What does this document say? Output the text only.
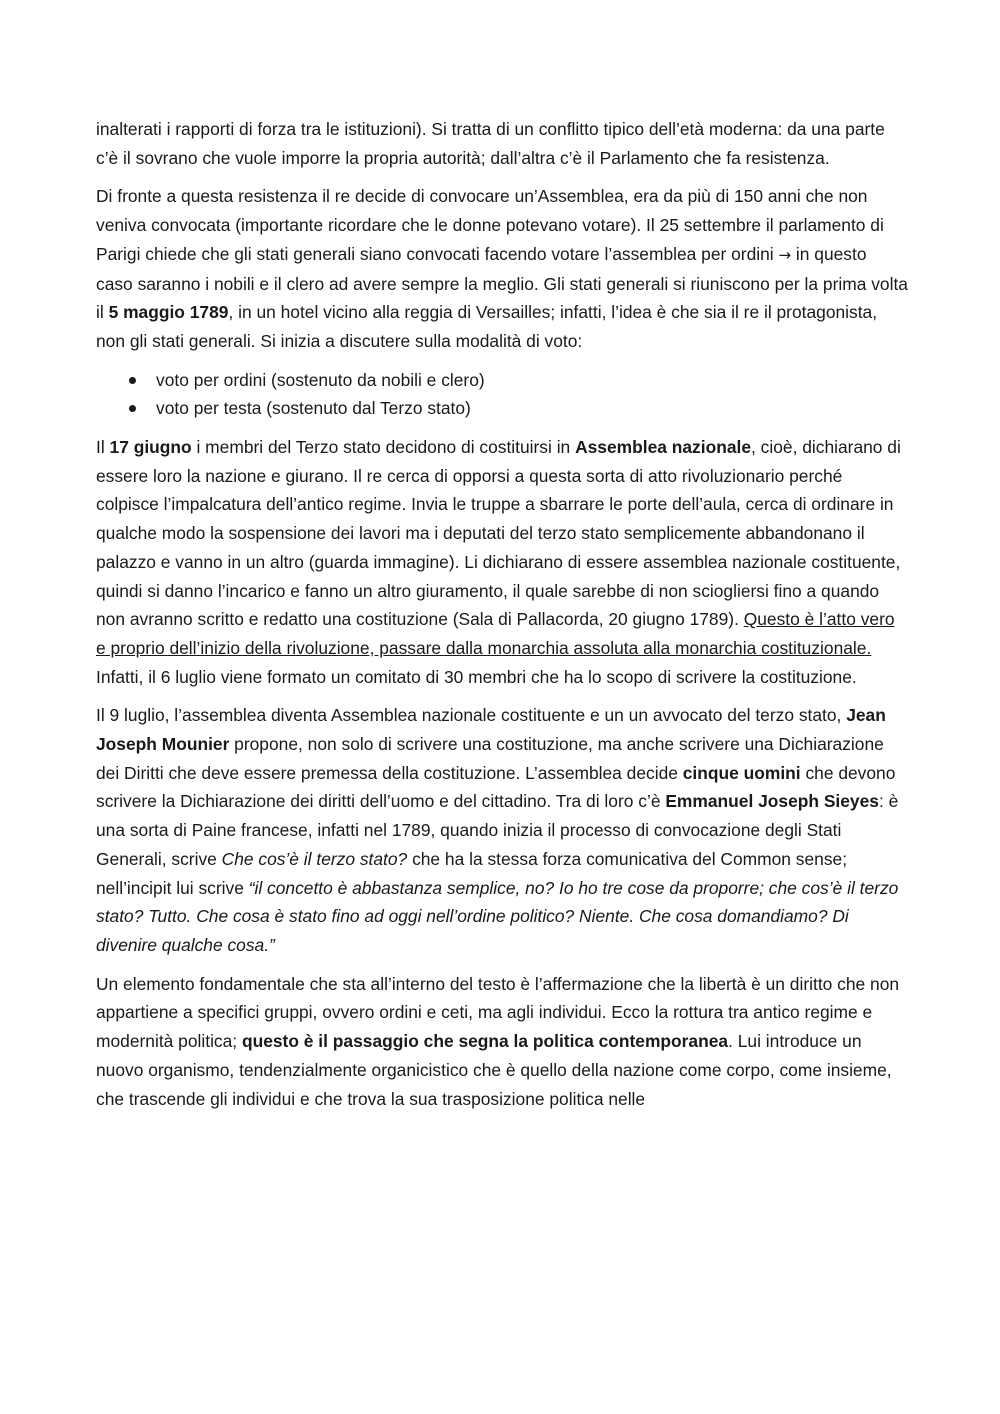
inalterati i rapporti di forza tra le istituzioni). Si tratta di un conflitto tipico dell’età moderna: da una parte c’è il sovrano che vuole imporre la propria autorità; dall’altra c’è il Parlamento che fa resistenza.

Di fronte a questa resistenza il re decide di convocare un’Assemblea, era da più di 150 anni che non veniva convocata (importante ricordare che le donne potevano votare). Il 25 settembre il parlamento di Parigi chiede che gli stati generali siano convocati facendo votare l’assemblea per ordini → in questo caso saranno i nobili e il clero ad avere sempre la meglio. Gli stati generali si riuniscono per la prima volta il 5 maggio 1789, in un hotel vicino alla reggia di Versailles; infatti, l’idea è che sia il re il protagonista, non gli stati generali. Si inizia a discutere sulla modalità di voto:

voto per ordini (sostenuto da nobili e clero)
voto per testa (sostenuto dal Terzo stato)

Il 17 giugno i membri del Terzo stato decidono di costituirsi in Assemblea nazionale, cioè, dichiarano di essere loro la nazione e giurano. Il re cerca di opporsi a questa sorta di atto rivoluzionario perché colpisce l’impalcatura dell’antico regime. Invia le truppe a sbarrare le porte dell’aula, cerca di ordinare in qualche modo la sospensione dei lavori ma i deputati del terzo stato semplicemente abbandonano il palazzo e vanno in un altro (guarda immagine). Li dichiarano di essere assemblea nazionale costituente, quindi si danno l’incarico e fanno un altro giuramento, il quale sarebbe di non sciogliersi fino a quando non avranno scritto e redatto una costituzione (Sala di Pallacorda, 20 giugno 1789). Questo è l’atto vero e proprio dell’inizio della rivoluzione, passare dalla monarchia assoluta alla monarchia costituzionale. Infatti, il 6 luglio viene formato un comitato di 30 membri che ha lo scopo di scrivere la costituzione.

Il 9 luglio, l’assemblea diventa Assemblea nazionale costituente e un un avvocato del terzo stato, Jean Joseph Mounier propone, non solo di scrivere una costituzione, ma anche scrivere una Dichiarazione dei Diritti che deve essere premessa della costituzione. L’assemblea decide cinque uomini che devono scrivere la Dichiarazione dei diritti dell’uomo e del cittadino. Tra di loro c’è Emmanuel Joseph Sieyes: è una sorta di Paine francese, infatti nel 1789, quando inizia il processo di convocazione degli Stati Generali, scrive Che cos’è il terzo stato? che ha la stessa forza comunicativa del Common sense; nell’incipit lui scrive “il concetto è abbastanza semplice, no? Io ho tre cose da proporre; che cos’è il terzo stato? Tutto. Che cosa è stato fino ad oggi nell’ordine politico? Niente. Che cosa domandiamo? Di divenire qualche cosa.”

Un elemento fondamentale che sta all’interno del testo è l’affermazione che la libertà è un diritto che non appartiene a specifici gruppi, ovvero ordini e ceti, ma agli individui. Ecco la rottura tra antico regime e modernità politica; questo è il passaggio che segna la politica contemporanea. Lui introduce un nuovo organismo, tendenzialmente organicistico che è quello della nazione come corpo, come insieme, che trascende gli individui e che trova la sua trasposizione politica nelle
